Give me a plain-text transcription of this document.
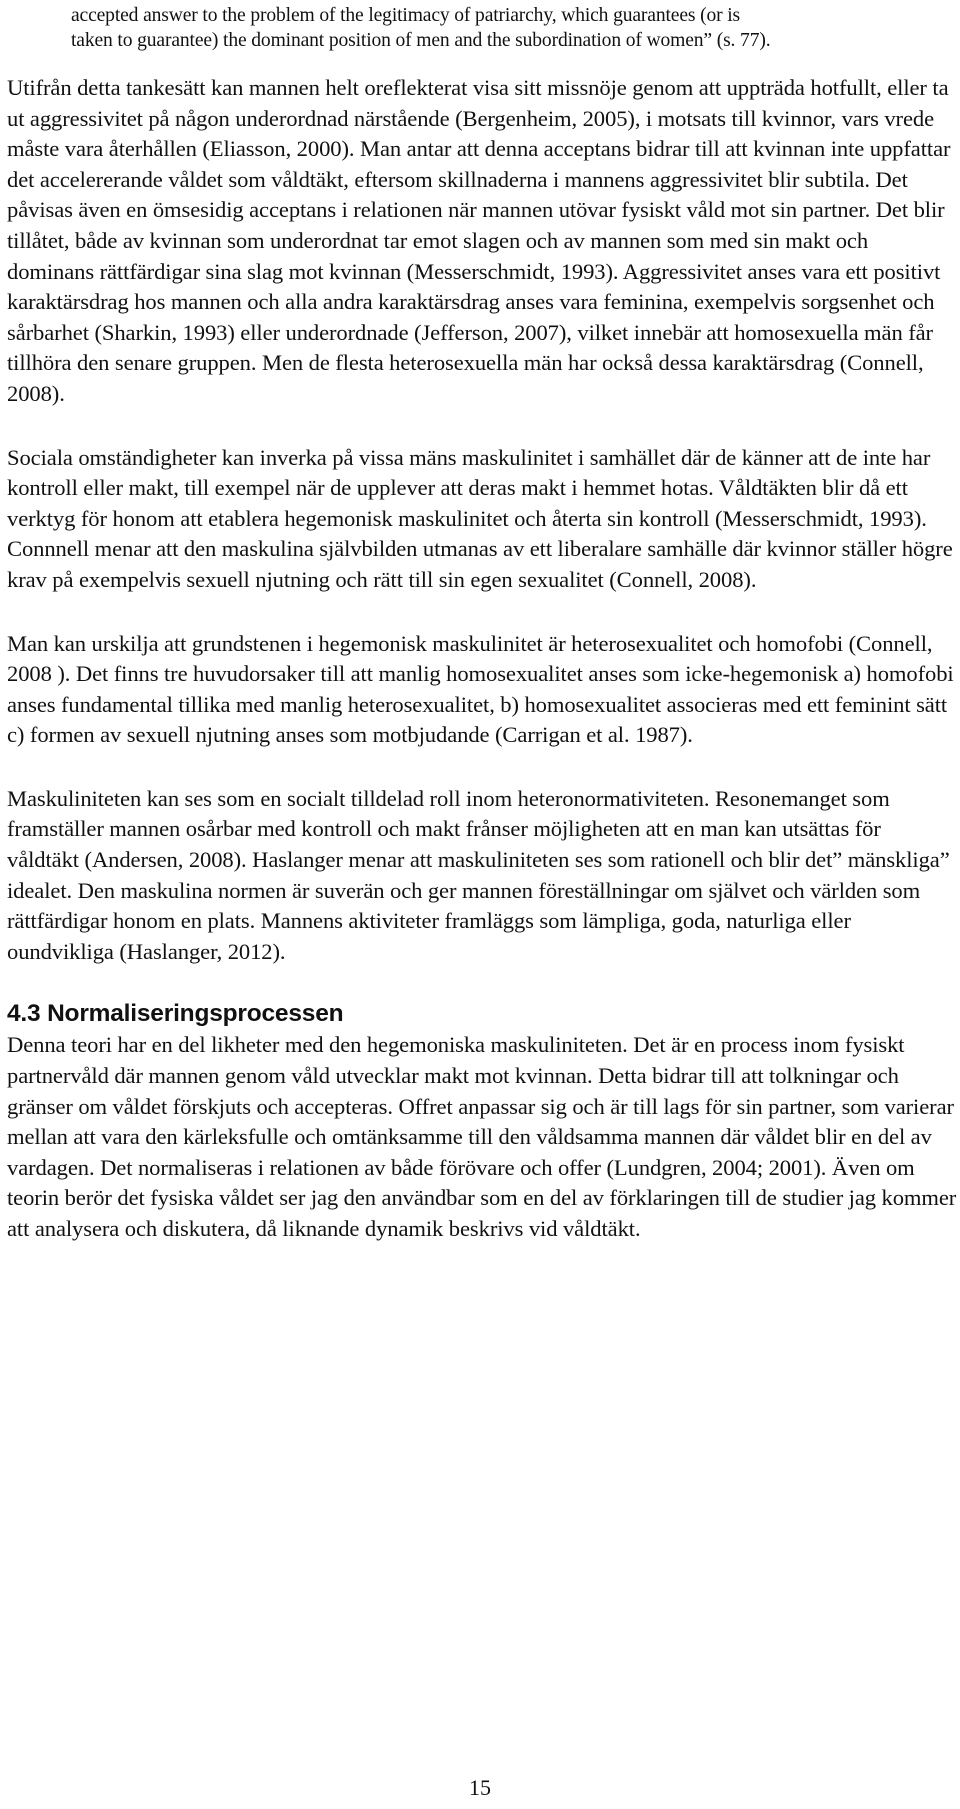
accepted answer to the problem of the legitimacy of patriarchy, which guarantees (or is taken to guarantee) the dominant position of men and the subordination of women” (s. 77).

Utifrån detta tankesätt kan mannen helt oreflekterat visa sitt missnöje genom att uppträda hotfullt, eller ta ut aggressivitet på någon underordnad närstående (Bergenheim, 2005), i motsats till kvinnor, vars vrede måste vara återhållen (Eliasson, 2000). Man antar att denna acceptans bidrar till att kvinnan inte uppfattar det accelererande våldet som våldtäkt, eftersom skillnaderna i mannens aggressivitet blir subtila. Det påvisas även en ömsesidig acceptans i relationen när mannen utövar fysiskt våld mot sin partner. Det blir tillåtet, både av kvinnan som underordnat tar emot slagen och av mannen som med sin makt och dominans rättfärdigar sina slag mot kvinnan (Messerschmidt, 1993). Aggressivitet anses vara ett positivt karaktärsdrag hos mannen och alla andra karaktärsdrag anses vara feminina, exempelvis sorgsenhet och sårbarhet (Sharkin, 1993) eller underordnade (Jefferson, 2007), vilket innebär att homosexuella män får tillhöra den senare gruppen. Men de flesta heterosexuella män har också dessa karaktärsdrag (Connell, 2008).

Sociala omständigheter kan inverka på vissa mäns maskulinitet i samhället där de känner att de inte har kontroll eller makt, till exempel när de upplever att deras makt i hemmet hotas. Våldtäkten blir då ett verktyg för honom att etablera hegemonisk maskulinitet och återta sin kontroll (Messerschmidt, 1993). Connnell menar att den maskulina självbilden utmanas av ett liberalare samhälle där kvinnor ställer högre krav på exempelvis sexuell njutning och rätt till sin egen sexualitet (Connell, 2008).

Man kan urskilja att grundstenen i hegemonisk maskulinitet är heterosexualitet och homofobi (Connell, 2008 ). Det finns tre huvudorsaker till att manlig homosexualitet anses som icke-hegemonisk a) homofobi anses fundamental tillika med manlig heterosexualitet, b) homosexualitet associeras med ett feminint sätt c) formen av sexuell njutning anses som motbjudande (Carrigan et al. 1987).

Maskuliniteten kan ses som en socialt tilldelad roll inom heteronormativiteten. Resonemanget som framställer mannen osårbar med kontroll och makt frånser möjligheten att en man kan utsättas för våldtäkt (Andersen, 2008). Haslanger menar att maskuliniteten ses som rationell och blir det” mänskliga” idealet. Den maskulina normen är suverän och ger mannen föreställningar om självet och världen som rättfärdigar honom en plats. Mannens aktiviteter framläggs som lämpliga, goda, naturliga eller oundvikliga (Haslanger, 2012).

4.3 Normaliseringsprocessen

Denna teori har en del likheter med den hegemoniska maskuliniteten. Det är en process inom fysiskt partnervåld där mannen genom våld utvecklar makt mot kvinnan. Detta bidrar till att tolkningar och gränser om våldet förskjuts och accepteras. Offret anpassar sig och är till lags för sin partner, som varierar mellan att vara den kärleksfulle och omtänksamme till den våldsamma mannen där våldet blir en del av vardagen. Det normaliseras i relationen av både förövare och offer (Lundgren, 2004; 2001). Även om teorin berör det fysiska våldet ser jag den användbar som en del av förklaringen till de studier jag kommer att analysera och diskutera, då liknande dynamik beskrivs vid våldtäkt.

15
